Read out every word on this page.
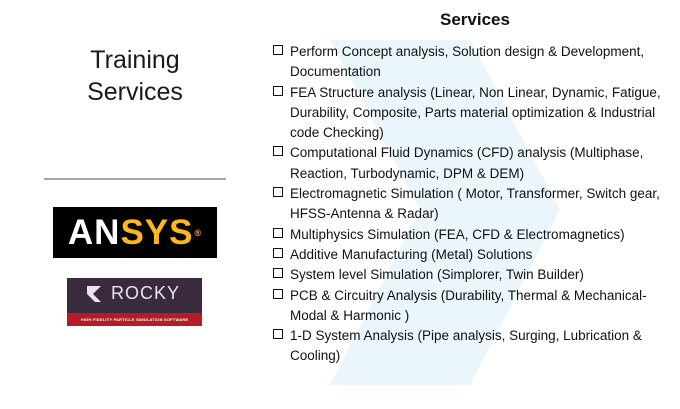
Training
Services
AN SYS ®
ROCKY
HIGH FIDELITY PARTICLE SIMULATION SOFTWARE
Services
Perform Concept analysis, Solution design & Development, Documentation
FEA Structure analysis (Linear, Non Linear, Dynamic, Fatigue, Durability, Composite, Parts material optimization & Industrial code Checking)
Computational Fluid Dynamics (CFD) analysis (Multiphase, Reaction, Turbodynamic, DPM & DEM)
Electromagnetic Simulation ( Motor, Transformer, Switch gear, HFSS-Antenna & Radar)
Multiphysics Simulation (FEA, CFD & Electromagnetics)
Additive Manufacturing (Metal) Solutions
System level Simulation (Simplorer, Twin Builder)
PCB & Circuitry Analysis (Durability, Thermal & Mechanical-Modal & Harmonic )
1-D System Analysis (Pipe analysis, Surging, Lubrication & Cooling)
